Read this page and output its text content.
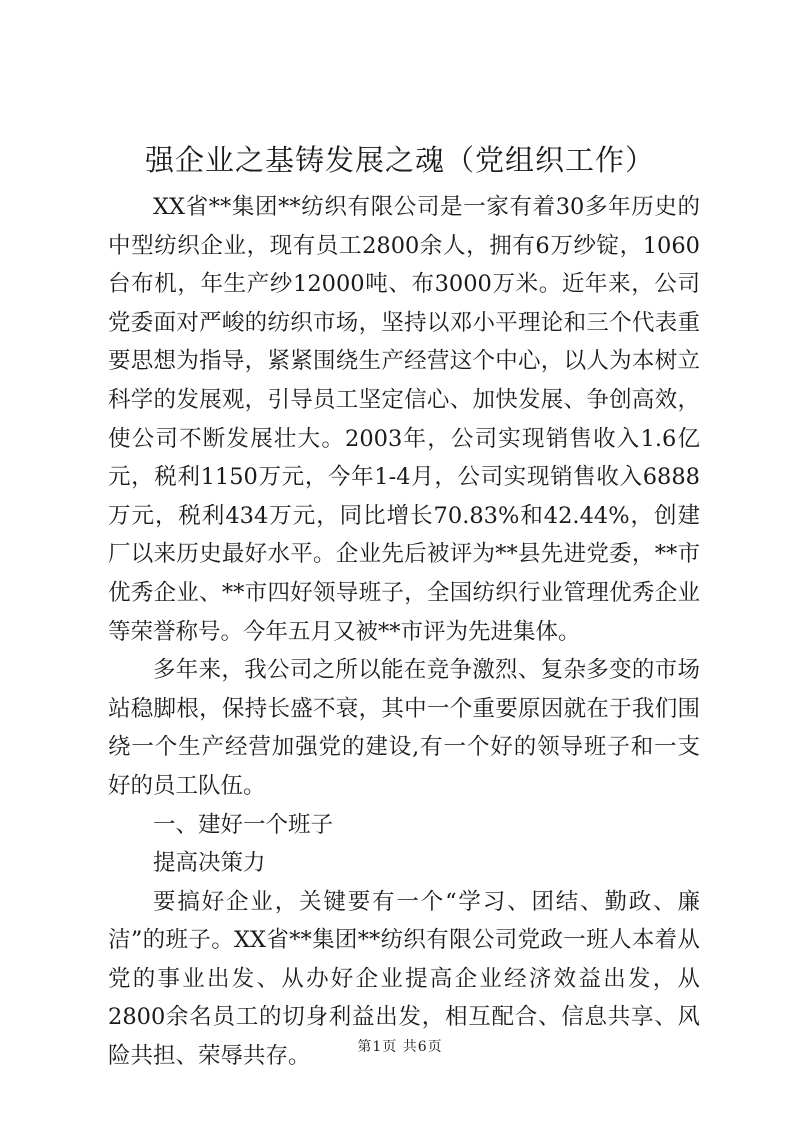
强企业之基铸发展之魂（党组织工作）

XX省**集团**纺织有限公司是一家有着30多年历史的中型纺织企业，现有员工2800余人，拥有6万纱锭，1060台布机，年生产纱12000吨、布3000万米。近年来，公司党委面对严峻的纺织市场，坚持以邓小平理论和三个代表重要思想为指导，紧紧围绕生产经营这个中心，以人为本树立科学的发展观，引导员工坚定信心、加快发展、争创高效，使公司不断发展壮大。2003年，公司实现销售收入1.6亿元，税利1150万元，今年1-4月，公司实现销售收入6888万元，税利434万元，同比增长70.83%和42.44%，创建厂以来历史最好水平。企业先后被评为**县先进党委，**市优秀企业、**市四好领导班子，全国纺织行业管理优秀企业等荣誉称号。今年五月又被**市评为先进集体。

多年来，我公司之所以能在竞争激烈、复杂多变的市场站稳脚根，保持长盛不衰，其中一个重要原因就在于我们围绕一个生产经营加强党的建设,有一个好的领导班子和一支好的员工队伍。

一、建好一个班子

提高决策力

要搞好企业，关键要有一个“学习、团结、勤政、廉洁”的班子。XX省**集团**纺织有限公司党政一班人本着从党的事业出发、从办好企业提高企业经济效益出发，从2800余名员工的切身利益出发，相互配合、信息共享、风险共担、荣辱共存。	第1页 共6页
